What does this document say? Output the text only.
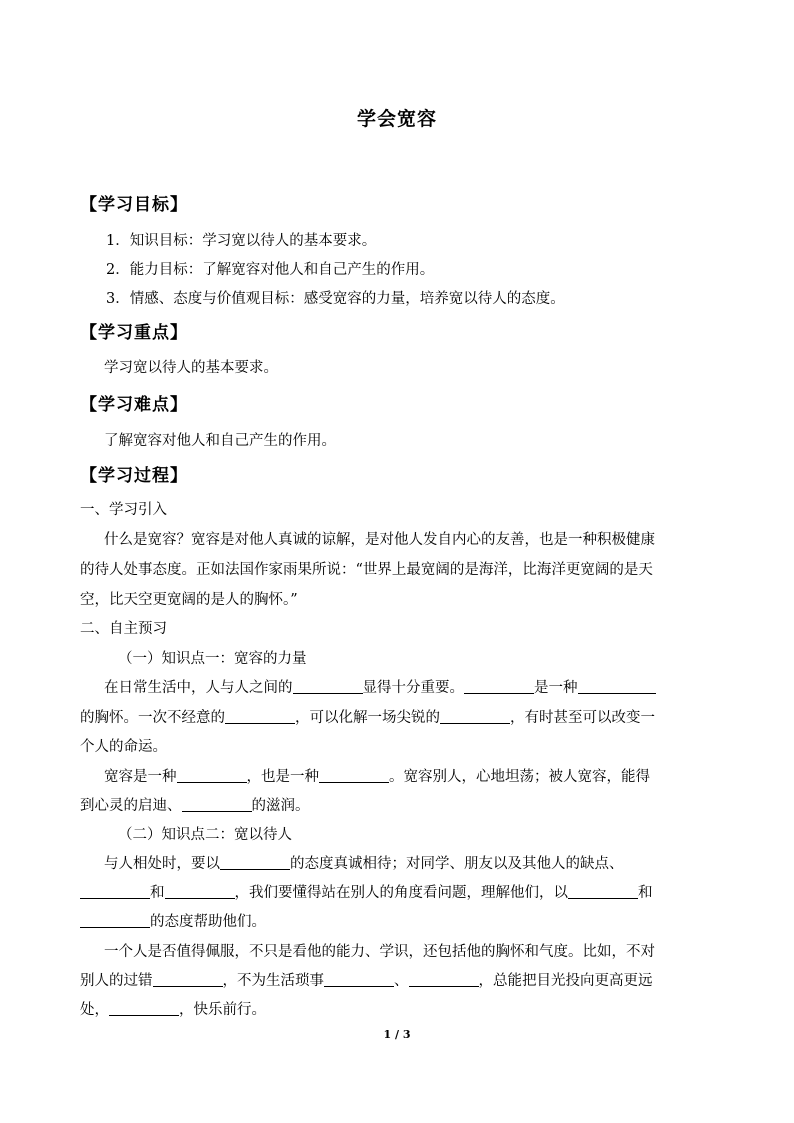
学会宽容
【学习目标】
1．知识目标：学习宽以待人的基本要求。
2．能力目标：了解宽容对他人和自己产生的作用。
3．情感、态度与价值观目标：感受宽容的力量，培养宽以待人的态度。
【学习重点】
学习宽以待人的基本要求。
【学习难点】
了解宽容对他人和自己产生的作用。
【学习过程】
一、学习引入
什么是宽容？宽容是对他人真诚的谅解，是对他人发自内心的友善，也是一种积极健康
的待人处事态度。正如法国作家雨果所说：“世界上最宽阔的是海洋，比海洋更宽阔的是天
空，比天空更宽阔的是人的胸怀。”
二、自主预习
（一）知识点一：宽容的力量
在日常生活中，人与人之间的	显得十分重要。	是一种
的胸怀。一次不经意的	，可以化解一场尖锐的	，有时甚至可以改变一
个人的命运。
宽容是一种	，也是一种	。宽容别人，心地坦荡；被人宽容，能得
到心灵的启迪、	的滋润。
（二）知识点二：宽以待人
与人相处时，要以	的态度真诚相待；对同学、朋友以及其他人的缺点、
和	，我们要懂得站在别人的角度看问题，理解他们，以	和
的态度帮助他们。
一个人是否值得佩服，不只是看他的能力、学识，还包括他的胸怀和气度。比如，不对
别人的过错	，不为生活琐事	、	，总能把目光投向更高更远
处，	，快乐前行。
1 / 3
